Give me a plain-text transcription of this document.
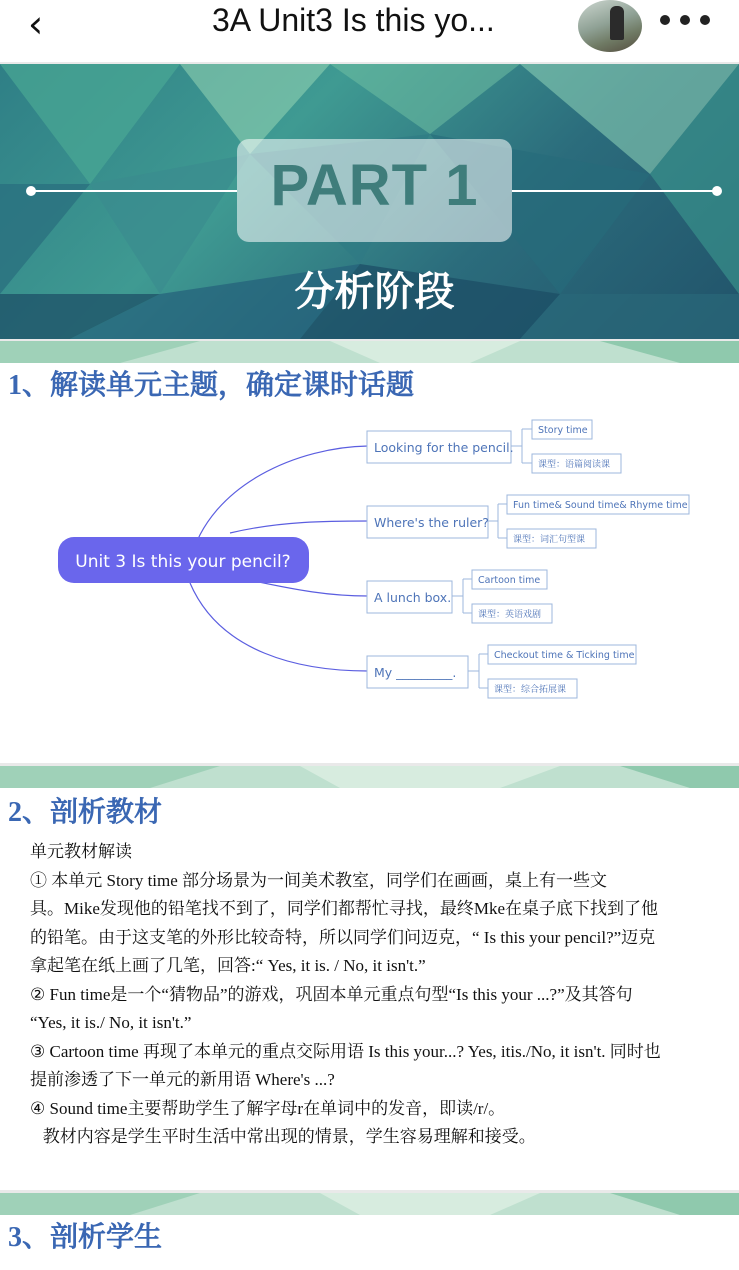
‹	3A Unit3 Is this yo...
PART 1
分析阶段
1、解读单元主题，确定课时话题
Unit 3 Is this your pencil?
Looking for the pencil.
Story time
课型：语篇阅读课
Where's the ruler?
Fun time& Sound time& Rhyme time
课型：词汇句型课
A lunch box.
Cartoon time
课型：英语戏剧
My _________.
Checkout time & Ticking time
课型：综合拓展课
2、剖析教材
单元教材解读
① 本单元 Story time 部分场景为一间美术教室，同学们在画画，桌上有一些文
具。Mike发现他的铅笔找不到了，同学们都帮忙寻找，最终Mke在桌子底下找到了他
的铅笔。由于这支笔的外形比较奇特，所以同学们问迈克，“ Is this your pencil?”迈克
拿起笔在纸上画了几笔，回答:“ Yes, it is. / No, it isn't.”
② Fun time是一个“猜物品”的游戏，巩固本单元重点句型“Is this your ...?”及其答句
“Yes, it is./ No, it isn't.”
③ Cartoon time 再现了本单元的重点交际用语 Is this your...? Yes, itis./No, it isn't. 同时也
提前渗透了下一单元的新用语 Where's ...?
④ Sound time主要帮助学生了解字母r在单词中的发音，即读/r/。
教材内容是学生平时生活中常出现的情景，学生容易理解和接受。
3、剖析学生
